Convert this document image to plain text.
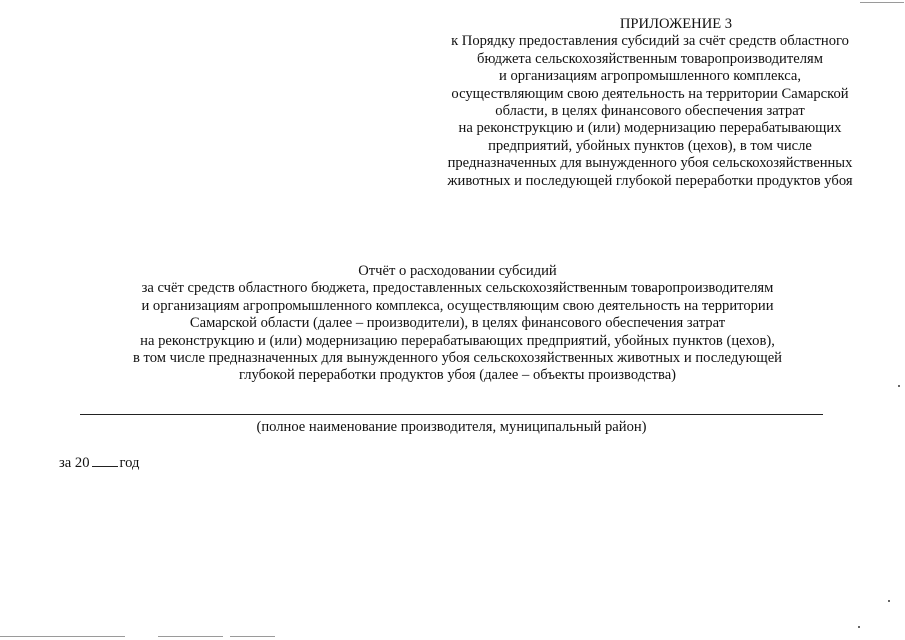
ПРИЛОЖЕНИЕ 3
к Порядку предоставления субсидий за счёт средств областного
бюджета сельскохозяйственным товаропроизводителям
и организациям агропромышленного комплекса,
осуществляющим свою деятельность на территории Самарской
области, в целях финансового обеспечения затрат
на реконструкцию и (или) модернизацию перерабатывающих
предприятий, убойных пунктов (цехов), в том числе
предназначенных для вынужденного убоя сельскохозяйственных
животных и последующей глубокой переработки продуктов убоя
Отчёт о расходовании субсидий
за счёт средств областного бюджета, предоставленных сельскохозяйственным товаропроизводителям
и организациям агропромышленного комплекса, осуществляющим свою деятельность на территории
Самарской области (далее – производители), в целях финансового обеспечения затрат
на реконструкцию и (или) модернизацию перерабатывающих предприятий, убойных пунктов (цехов),
в том числе предназначенных для вынужденного убоя сельскохозяйственных животных и последующей
глубокой переработки продуктов убоя (далее – объекты производства)
(полное наименование производителя, муниципальный район)
за 20 год
